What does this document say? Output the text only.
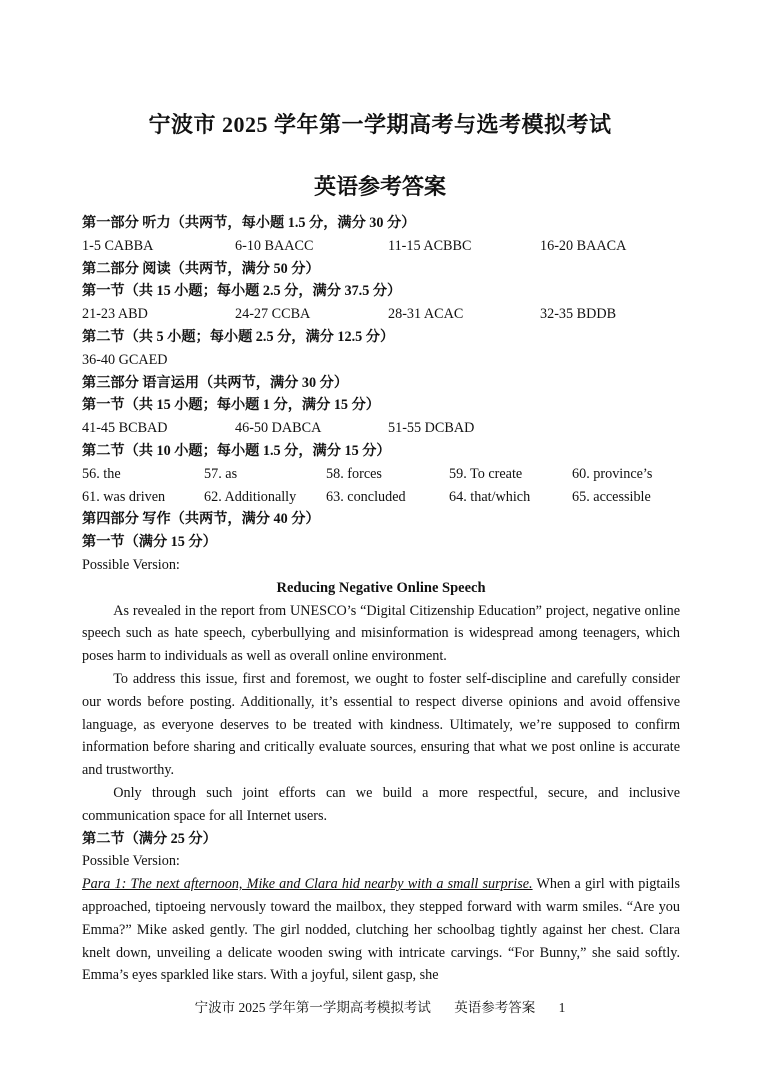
宁波市 2025 学年第一学期高考与选考模拟考试
英语参考答案
第一部分 听力（共两节，每小题 1.5 分，满分 30 分）
1-5 CABBA	6-10 BAACC	11-15 ACBBC	16-20 BAACA
第二部分 阅读（共两节，满分 50 分）
第一节（共 15 小题；每小题 2.5 分，满分 37.5 分）
21-23 ABD	24-27 CCBA	28-31 ACAC	32-35 BDDB
第二节（共 5 小题；每小题 2.5 分，满分 12.5 分）
36-40 GCAED
第三部分 语言运用（共两节，满分 30 分）
第一节（共 15 小题；每小题 1 分，满分 15 分）
41-45 BCBAD	46-50 DABCA	51-55 DCBAD
第二节（共 10 小题；每小题 1.5 分，满分 15 分）
56. the	57. as	58. forces	59. To create	60. province’s
61. was driven	62. Additionally 63. concluded	64. that/which	65. accessible
第四部分 写作（共两节，满分 40 分）
第一节（满分 15 分）
Possible Version:
Reducing Negative Online Speech

As revealed in the report from UNESCO’s “Digital Citizenship Education” project, negative online speech such as hate speech, cyberbullying and misinformation is widespread among teenagers, which poses harm to individuals as well as overall online environment.

To address this issue, first and foremost, we ought to foster self-discipline and carefully consider our words before posting. Additionally, it’s essential to respect diverse opinions and avoid offensive language, as everyone deserves to be treated with kindness. Ultimately, we’re supposed to confirm information before sharing and critically evaluate sources, ensuring that what we post online is accurate and trustworthy.

Only through such joint efforts can we build a more respectful, secure, and inclusive communication space for all Internet users.

第二节（满分 25 分）
Possible Version:

Para 1: The next afternoon, Mike and Clara hid nearby with a small surprise. When a girl with pigtails approached, tiptoeing nervously toward the mailbox, they stepped forward with warm smiles. “Are you Emma?” Mike asked gently. The girl nodded, clutching her schoolbag tightly against her chest. Clara knelt down, unveiling a delicate wooden swing with intricate carvings. “For Bunny,” she said softly. Emma’s eyes sparkled like stars. With a joyful, silent gasp, she

宁波市 2025 学年第一学期高考模拟考试 英语参考答案 1
